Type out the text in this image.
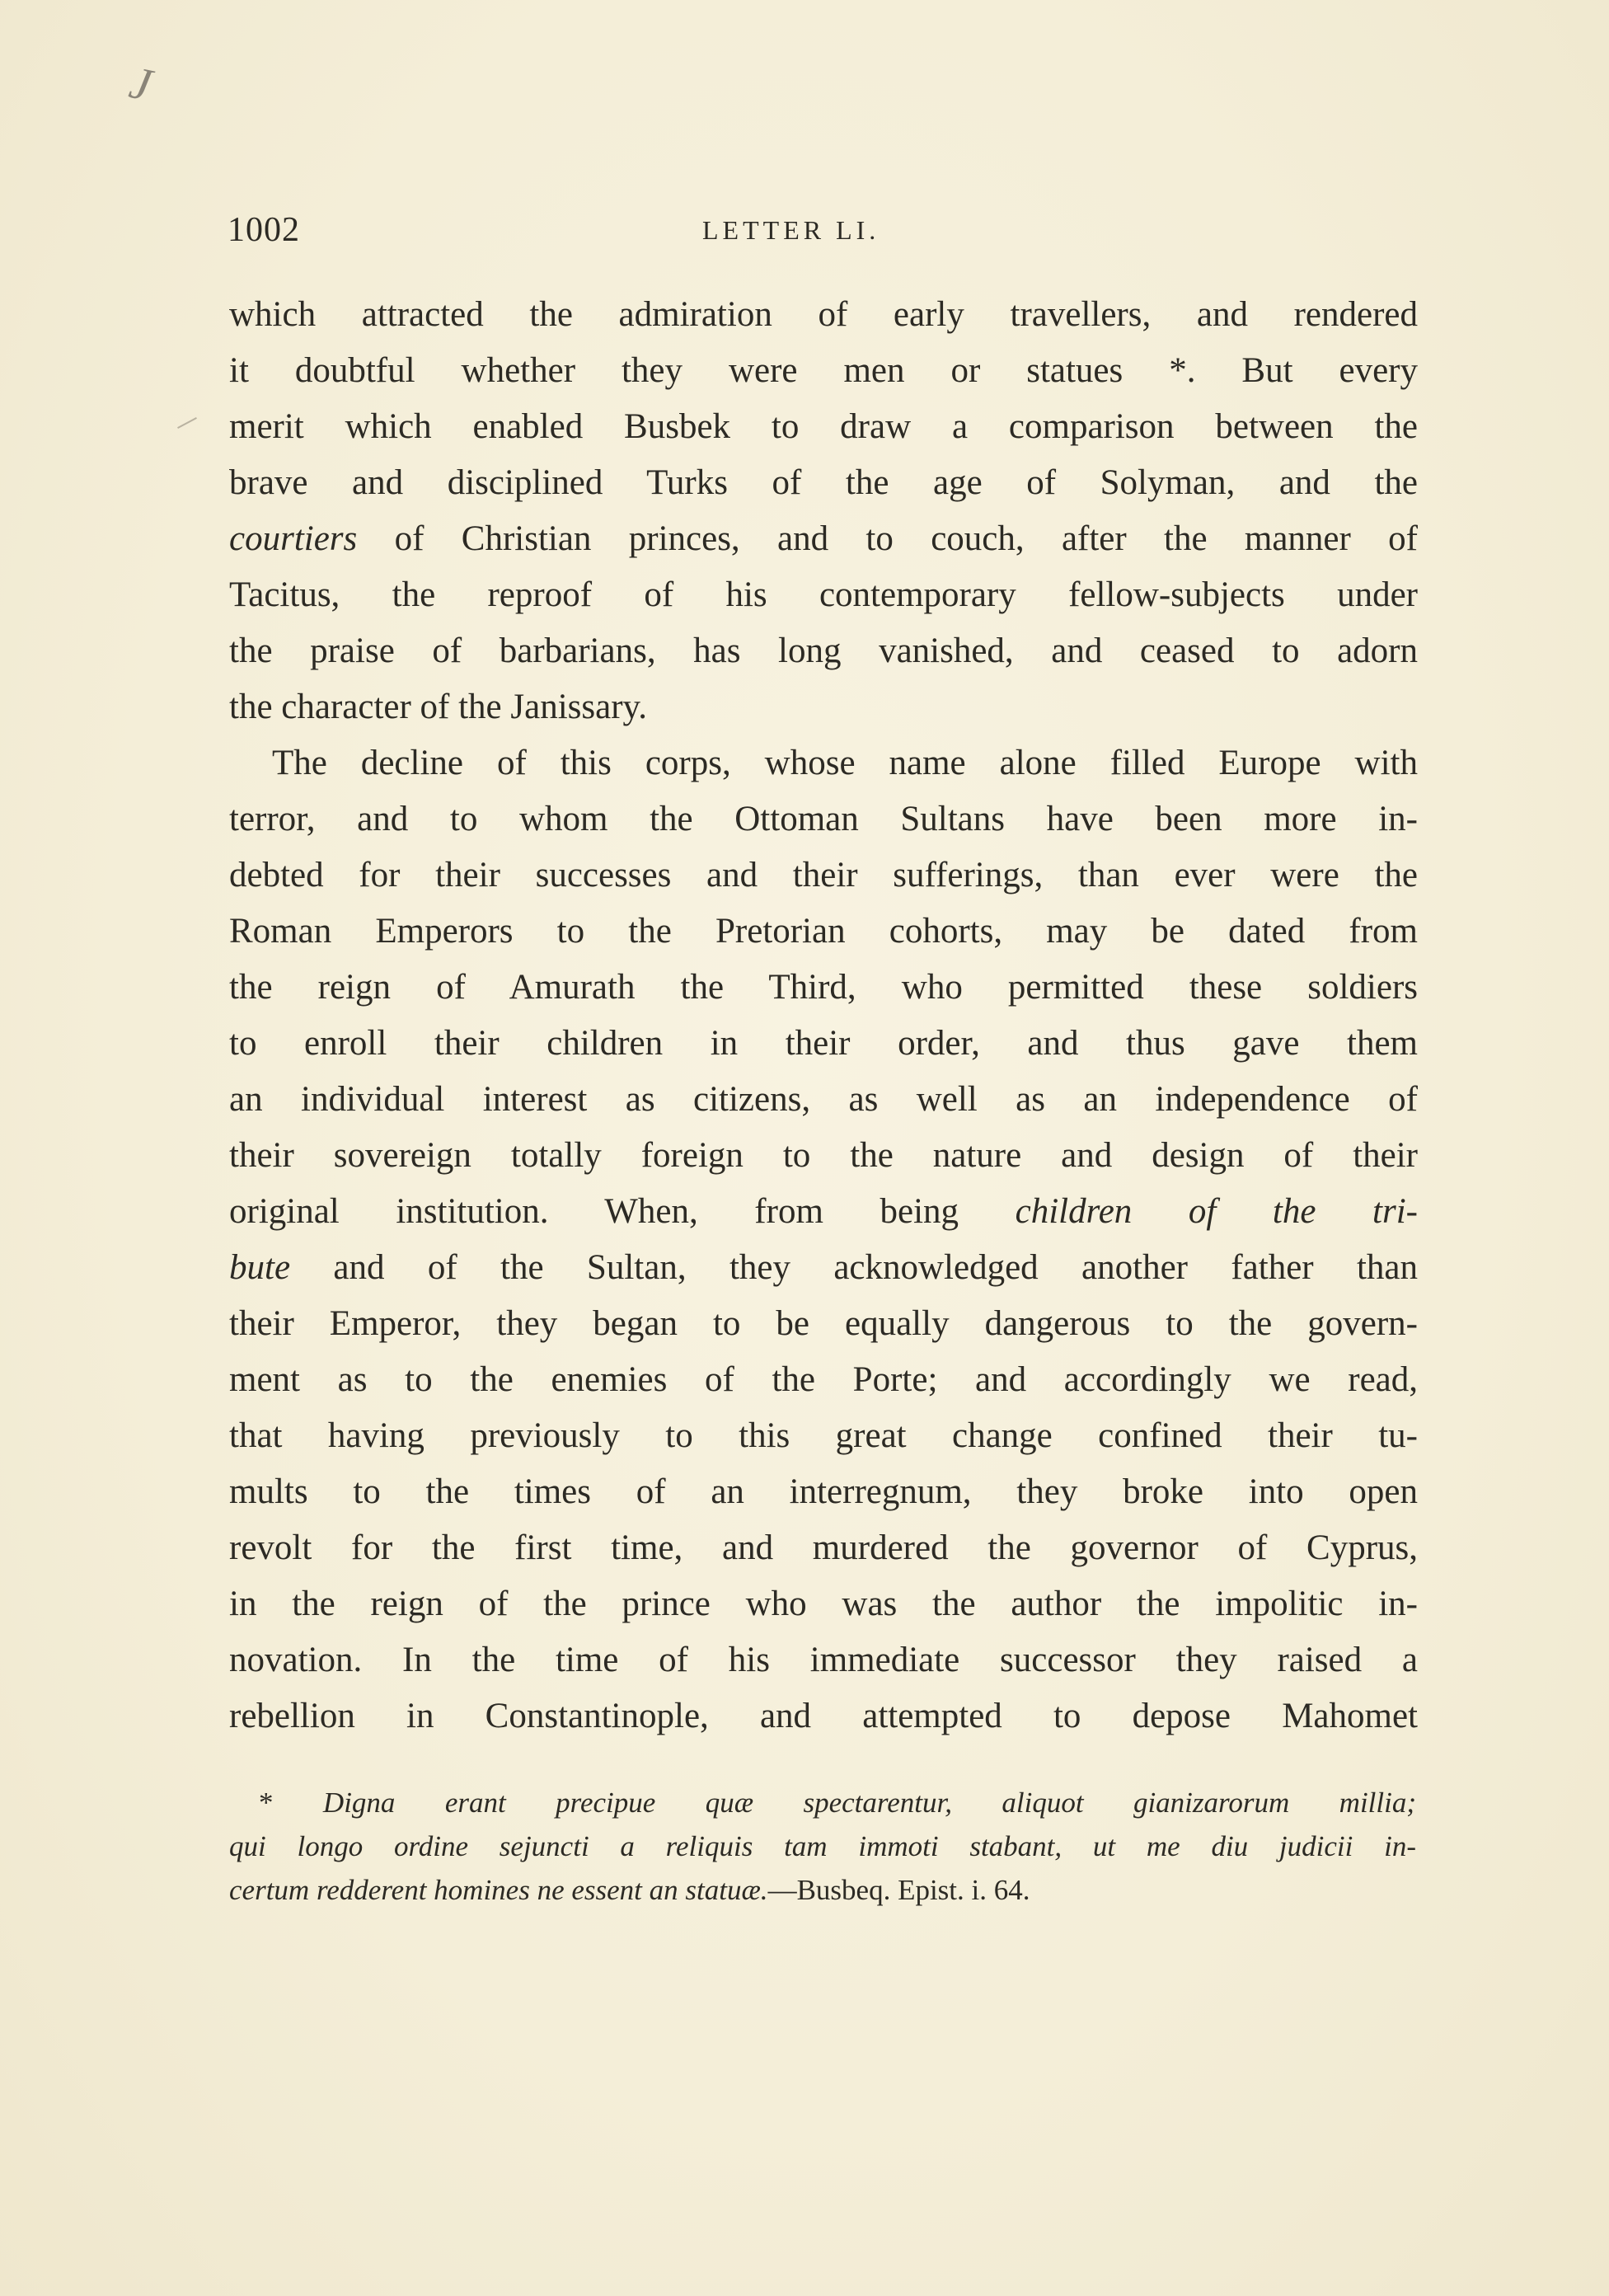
J
1002	LETTER LI.
which attracted the admiration of early travellers, and rendered
it doubtful whether they were men or statues *. But every
merit which enabled Busbek to draw a comparison between the
brave and disciplined Turks of the age of Solyman, and the
courtiers of Christian princes, and to couch, after the manner of
Tacitus, the reproof of his contemporary fellow-subjects under
the praise of barbarians, has long vanished, and ceased to adorn
the character of the Janissary.
The decline of this corps, whose name alone filled Europe with
terror, and to whom the Ottoman Sultans have been more in-
debted for their successes and their sufferings, than ever were the
Roman Emperors to the Pretorian cohorts, may be dated from
the reign of Amurath the Third, who permitted these soldiers
to enroll their children in their order, and thus gave them
an individual interest as citizens, as well as an independence of
their sovereign totally foreign to the nature and design of their
original institution. When, from being children of the tri-
bute and of the Sultan, they acknowledged another father than
their Emperor, they began to be equally dangerous to the govern-
ment as to the enemies of the Porte; and accordingly we read,
that having previously to this great change confined their tu-
mults to the times of an interregnum, they broke into open
revolt for the first time, and murdered the governor of Cyprus,
in the reign of the prince who was the author the impolitic in-
novation. In the time of his immediate successor they raised a
rebellion in Constantinople, and attempted to depose Mahomet
* Digna erant precipue quæ spectarentur, aliquot gianizarorum millia;
qui longo ordine sejuncti a reliquis tam immoti stabant, ut me diu judicii in-
certum redderent homines ne essent an statuæ.—Busbeq. Epist. i. 64.
